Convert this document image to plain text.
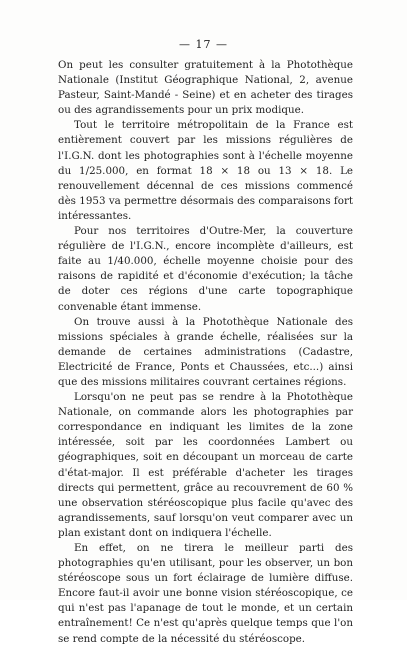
— 17 —

On peut les consulter gratuitement à la Photothèque Nationale (Institut Géographique National, 2, avenue Pasteur, Saint-Mandé - Seine) et en acheter des tirages ou des agrandissements pour un prix modique.

Tout le territoire métropolitain de la France est entièrement couvert par les missions régulières de l'I.G.N. dont les photographies sont à l'échelle moyenne du 1/25.000, en format 18 × 18 ou 13 × 18. Le renouvellement décennal de ces missions commencé dès 1953 va permettre désormais des comparaisons fort intéressantes.

Pour nos territoires d'Outre-Mer, la couverture régulière de l'I.G.N., encore incomplète d'ailleurs, est faite au 1/40.000, échelle moyenne choisie pour des raisons de rapidité et d'économie d'exécution; la tâche de doter ces régions d'une carte topographique convenable étant immense.

On trouve aussi à la Photothèque Nationale des missions spéciales à grande échelle, réalisées sur la demande de certaines administrations (Cadastre, Electricité de France, Ponts et Chaussées, etc...) ainsi que des missions militaires couvrant certaines régions.

Lorsqu'on ne peut pas se rendre à la Photothèque Nationale, on commande alors les photographies par correspondance en indiquant les limites de la zone intéressée, soit par les coordonnées Lambert ou géographiques, soit en découpant un morceau de carte d'état-major. Il est préférable d'acheter les tirages directs qui permettent, grâce au recouvrement de 60 % une observation stéréoscopique plus facile qu'avec des agrandissements, sauf lorsqu'on veut comparer avec un plan existant dont on indiquera l'échelle.

En effet, on ne tirera le meilleur parti des photographies qu'en utilisant, pour les observer, un bon stéréoscope sous un fort éclairage de lumière diffuse. Encore faut-il avoir une bonne vision stéréoscopique, ce qui n'est pas l'apanage de tout le monde, et un certain entraînement! Ce n'est qu'après quelque temps que l'on se rend compte de la nécessité du stéréoscope.
